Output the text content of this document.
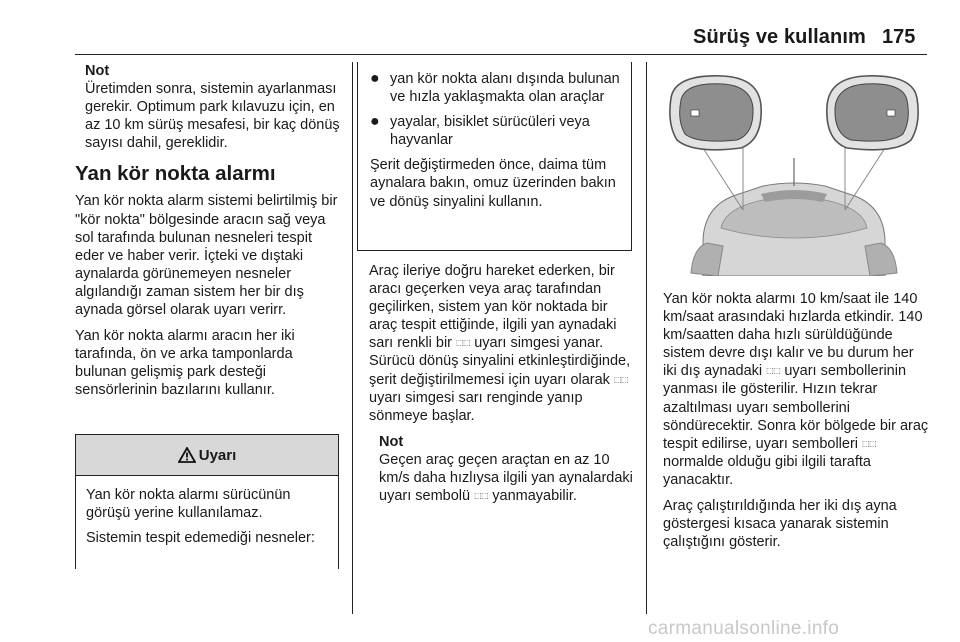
Sürüş ve kullanım 175

Not

Üretimden sonra, sistemin ayarlanması gerekir. Optimum park kılavuzu için, en az 10 km sürüş mesafesi, bir kaç dönüş sayısı dahil, gereklidir.

Yan kör nokta alarmı

Yan kör nokta alarm sistemi belirtilmiş bir "kör nokta" bölgesinde aracın sağ veya sol tarafında bulunan nesneleri tespit eder ve haber verir. İçteki ve dıştaki aynalarda görünemeyen nesneler algılandığı zaman sistem her bir dış aynada görsel olarak uyarı verirr.

Yan kör nokta alarmı aracın her iki tarafında, ön ve arka tamponlarda bulunan gelişmiş park desteği sensörlerinin bazılarını kullanır.

Uyarı

Yan kör nokta alarmı sürücünün görüşü yerine kullanılamaz.

Sistemin tespit edemediği nesneler:

● yan kör nokta alanı dışında bulunan ve hızla yaklaşmakta olan araçlar

● yayalar, bisiklet sürücüleri veya hayvanlar

Şerit değiştirmeden önce, daima tüm aynalara bakın, omuz üzerinden bakın ve dönüş sinyalini kullanın.

Araç ileriye doğru hareket ederken, bir aracı geçerken veya araç tarafından geçilirken, sistem yan kör noktada bir araç tespit ettiğinde, ilgili yan aynadaki sarı renkli bir ⬚⬚ uyarı simgesi yanar. Sürücü dönüş sinyalini etkinleştirdiğinde, şerit değiştirilmemesi için uyarı olarak ⬚⬚ uyarı simgesi sarı renginde yanıp sönmeye başlar.

Not

Geçen araç geçen araçtan en az 10 km/s daha hızlıysa ilgili yan aynalardaki uyarı sembolü ⬚⬚ yanmayabilir.

Yan kör nokta alarmı 10 km/saat ile 140 km/saat arasındaki hızlarda etkindir. 140 km/saatten daha hızlı sürüldüğünde sistem devre dışı kalır ve bu durum her iki dış aynadaki ⬚⬚ uyarı sembollerinin yanması ile gösterilir. Hızın tekrar azaltılması uyarı sembollerini söndürecektir. Sonra kör bölgede bir araç tespit edilirse, uyarı sembolleri ⬚⬚ normalde olduğu gibi ilgili tarafta yanacaktır.

Araç çalıştırıldığında her iki dış ayna göstergesi kısaca yanarak sistemin çalıştığını gösterir.

carmanualsonline.info
